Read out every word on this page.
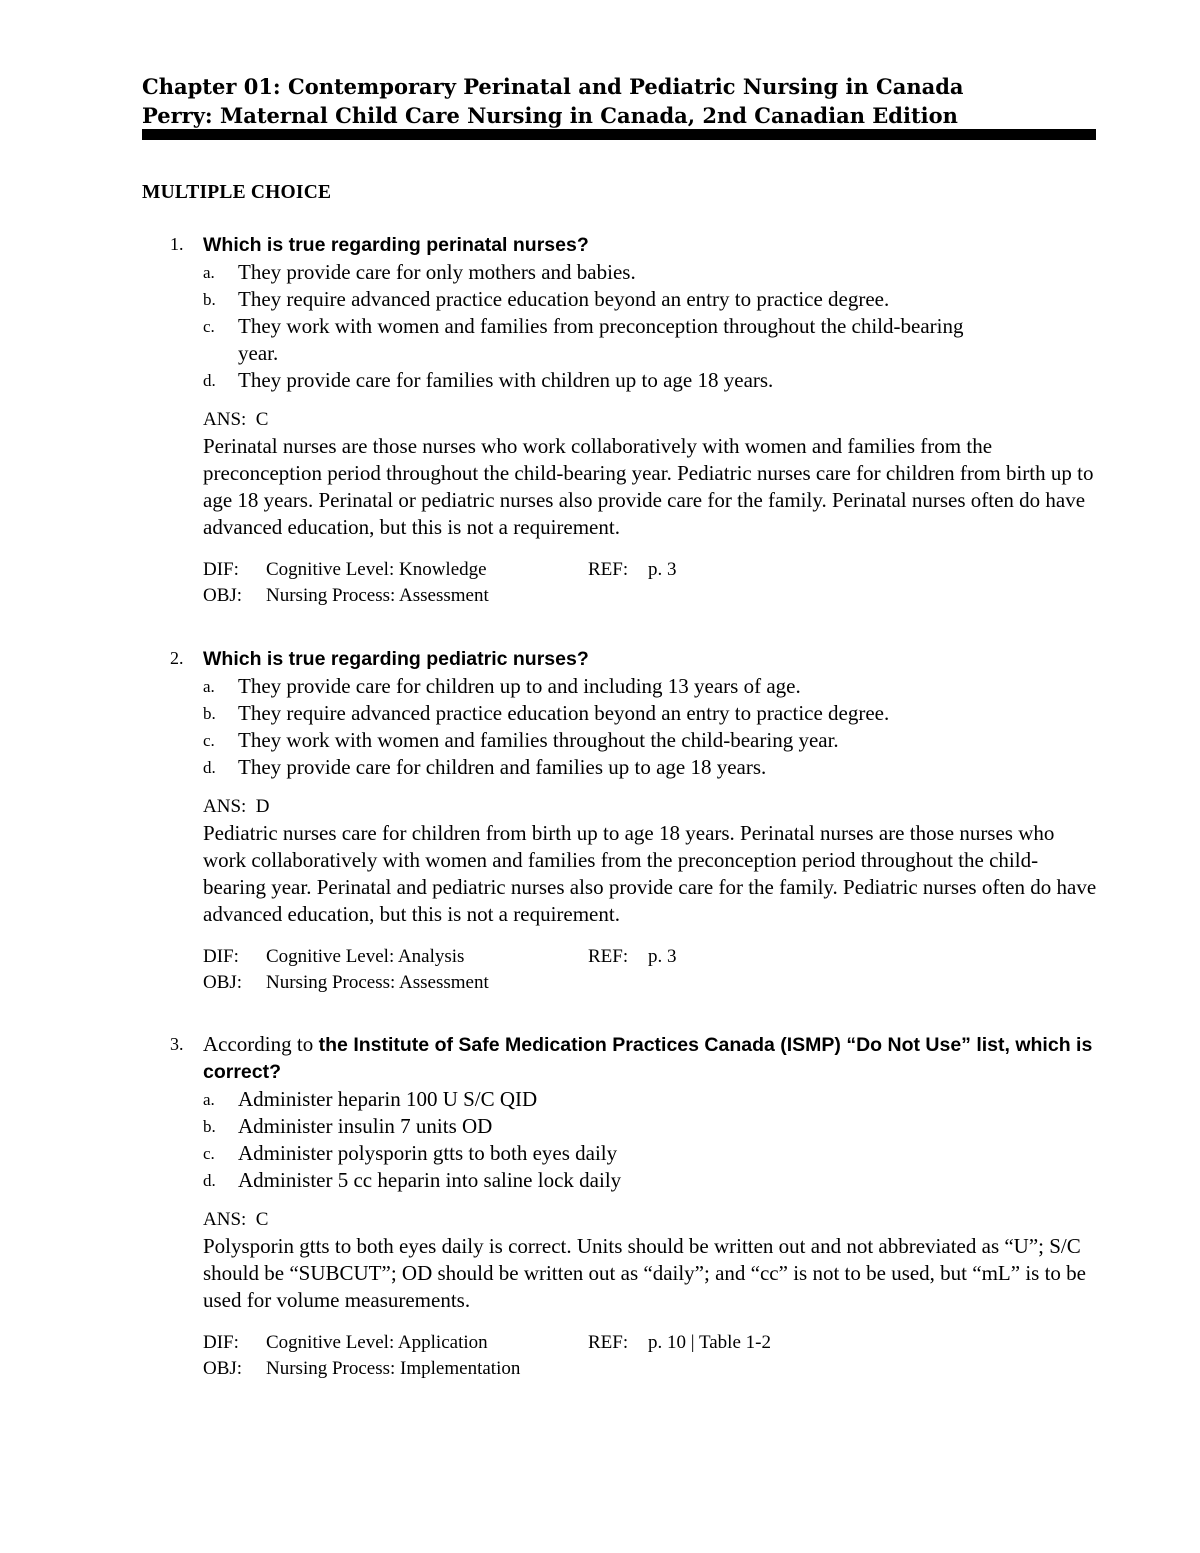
Chapter 01: Contemporary Perinatal and Pediatric Nursing in Canada
Perry: Maternal Child Care Nursing in Canada, 2nd Canadian Edition
MULTIPLE CHOICE
1.	Which is true regarding perinatal nurses?
a.	They provide care for only mothers and babies.
b.	They require advanced practice education beyond an entry to practice degree.
c.	They work with women and families from preconception throughout the child-bearing year.
d.	They provide care for families with children up to age 18 years.
ANS: C
Perinatal nurses are those nurses who work collaboratively with women and families from the preconception period throughout the child-bearing year. Pediatric nurses care for children from birth up to age 18 years. Perinatal or pediatric nurses also provide care for the family. Perinatal nurses often do have advanced education, but this is not a requirement.
DIF:	Cognitive Level: Knowledge	REF:	p. 3
OBJ:	Nursing Process: Assessment
2.	Which is true regarding pediatric nurses?
a.	They provide care for children up to and including 13 years of age.
b.	They require advanced practice education beyond an entry to practice degree.
c.	They work with women and families throughout the child-bearing year.
d.	They provide care for children and families up to age 18 years.
ANS: D
Pediatric nurses care for children from birth up to age 18 years. Perinatal nurses are those nurses who work collaboratively with women and families from the preconception period throughout the child-bearing year. Perinatal and pediatric nurses also provide care for the family. Pediatric nurses often do have advanced education, but this is not a requirement.
DIF:	Cognitive Level: Analysis	REF:	p. 3
OBJ:	Nursing Process: Assessment
3. According to the Institute of Safe Medication Practices Canada (ISMP) “Do Not Use” list, which is correct?
a.	Administer heparin 100 U S/C QID
b.	Administer insulin 7 units OD
c.	Administer polysporin gtts to both eyes daily
d.	Administer 5 cc heparin into saline lock daily
ANS: C
Polysporin gtts to both eyes daily is correct. Units should be written out and not abbreviated as “U”; S/C should be “SUBCUT”; OD should be written out as “daily”; and “cc” is not to be used, but “mL” is to be used for volume measurements.
DIF:	Cognitive Level: Application	REF:	p. 10 | Table 1-2
OBJ:	Nursing Process: Implementation
